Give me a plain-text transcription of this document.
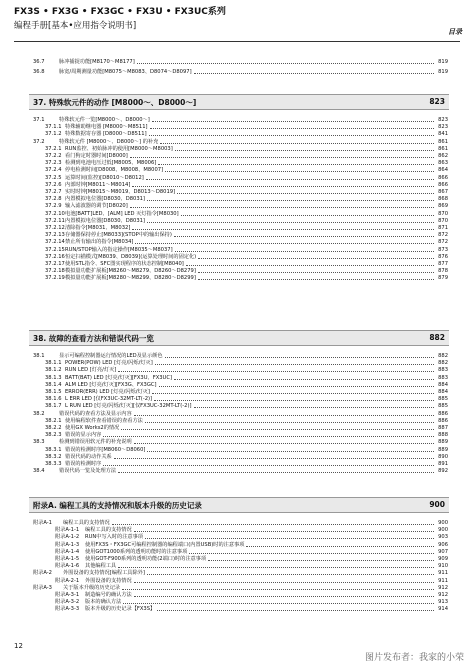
FX3S • FX3G • FX3GC • FX3U • FX3UC系列
编程手册[基本•应用指令说明书]
目录
36.7	脉冲捕捉功能[M8170～M8177]	819
36.8	脉宽/周期测量功能[M8075～M8083、D8074～D8097]	819
37. 特殊软元件的动作 [M8000～、D8000～]	823
37.1	特殊软元件一览[M8000～、D8000～]	823
37.1.1 特殊辅助继电器 [M8000～M8511]	823
37.1.2 特殊数据寄存器 [D8000～D8511]	841
37.2	特殊软元件 [M8000～、D8000～] 的补充	861
37.2.1 RUN监控、初始脉冲的使用[M8000～M8003]	861
37.2.2 看门狗定时器时间[D8000]	862
37.2.3 检测到电池电压过低[M8005、M8006]	863
37.2.4 停电检测时间[D8008、M8008、M8007]	864
37.2.5 运算时间(监控)[D8010～D8012]	866
37.2.6 内部时钟[M8011～M8014]	866
37.2.7 实时时钟[M8015～M8019、D8013～D8019]	867
37.2.8 内置模拟电位器[D8030、D8031]	868
37.2.9 输入滤波器的调节[D8020]	869
37.2.10 电池[BATT]LED、[ALM] LED 灭灯指令[M8030]	870
37.2.11 内置模拟电位器[D8030、D8031]	870
37.2.12 清除指令[M8031、M8032]	871
37.2.13 存储器保持停止[M8033](STOP中的输出保持)	872
37.2.14 禁止所有输出的指令[M8034]	872
37.2.15 RUN/STOP输入的指定操作[M8035～M8037]	873
37.2.16 恒定扫描模式[M8039、D8039](运算处理时间的固定化)	876
37.2.17 使用STL指令、SFC图实现程序的状态控制[M8040]	877
37.2.18 模拟量功能扩展板[M8260～M8279、D8260～D8279]	878
37.2.19 模拟量功能扩展板[M8280～M8299、D8280～D8299]	879
38. 故障的查看方法和错误代码一览	882
38.1	显示可编程控制器运行情况的LED及显示颜色	882
38.1.1 POWER(POW) LED [灯亮/闪烁/灯灭]	882
38.1.2 RUN LED [灯亮/灯灭]	883
38.1.3 BATT(BAT) LED [灯亮/灯灭][FX3U、FX3UC]	883
38.1.4 ALM LED [灯亮/灯灭][FX3G、FX3GC]	884
38.1.5 ERROR(ERR) LED [灯亮/闪烁/灯灭]	884
38.1.6 L ERR LED [仅FX3UC-32MT-LT(-2)]	885
38.1.7 L RUN LED [灯亮/闪烁/灯灭][仅FX3UC-32MT-LT(-2)]	885
38.2	错误代码的查看方法及显示内容	886
38.2.1 使用编程软件查看错误的查看方法	886
38.2.2 使用GX Works2的情况	887
38.2.3 错误的显示内容	888
38.3	检测到错误用软元件的补充说明	889
38.3.1 错误的检测时序[M8060～D8060]	889
38.3.2 错误代码的动作关系	890
38.3.3 错误的检测时序	891
38.4	错误代码一览及处理方法	892
附录A. 编程工具的支持情况和版本升级的历史记录	900
附录A-1 编程工具的支持情况	900
附录A-1-1 编程工具的支持情况	900
附录A-1-2 RUN中写入时的注意事项	903
附录A-1-3 使用FX3S・FX3GC可编程控制器的编程端口(内置USB)时的注意事项	906
附录A-1-4 使用GOT1000系列的透明功能时的注意事项	907
附录A-1-5 使用GOT-F900系列的透明功能(2端口)时的注意事项	909
附录A-1-6 其他编程工具	910
附录A-2 外围设备的支持情况[编程工具除外]	911
附录A-2-1 外围设备的支持情况	911
附录A-3 关于版本升级的历史记录	912
附录A-3-1 制造编号的确认方法	912
附录A-3-2 版本的确认方法	913
附录A-3-3 版本升级的历史记录【FX3S】	914
12
图片发布者：我家的小荣
